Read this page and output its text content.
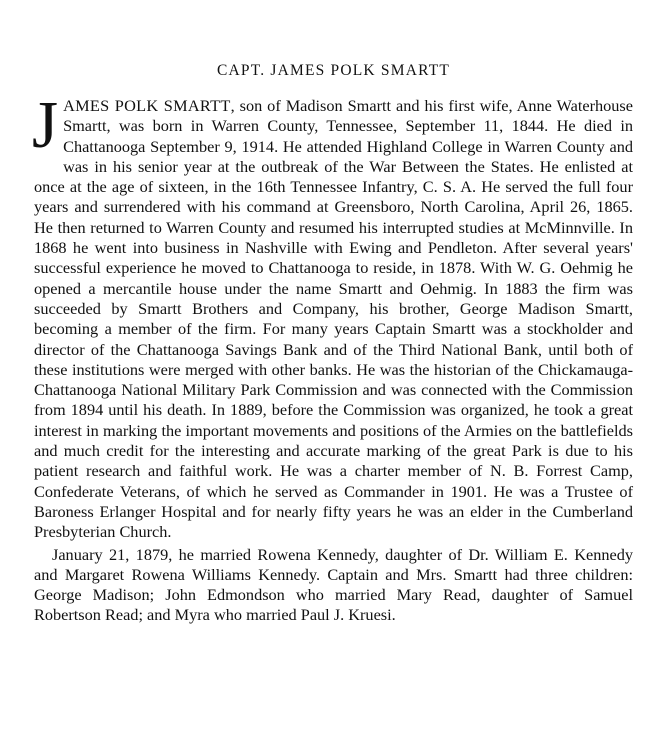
CAPT. JAMES POLK SMARTT

JAMES POLK SMARTT, son of Madison Smartt and his first wife, Anne Waterhouse Smartt, was born in Warren County, Tennessee, September 11, 1844. He died in Chattanooga September 9, 1914. He attended Highland College in Warren County and was in his senior year at the outbreak of the War Between the States. He enlisted at once at the age of sixteen, in the 16th Tennessee Infantry, C. S. A. He served the full four years and surrendered with his command at Greensboro, North Carolina, April 26, 1865. He then returned to Warren County and resumed his interrupted studies at McMinnville. In 1868 he went into business in Nashville with Ewing and Pendleton. After several years' successful experience he moved to Chattanooga to reside, in 1878. With W. G. Oehmig he opened a mercantile house under the name Smartt and Oehmig. In 1883 the firm was succeeded by Smartt Brothers and Company, his brother, George Madison Smartt, becoming a member of the firm. For many years Captain Smartt was a stockholder and director of the Chattanooga Savings Bank and of the Third National Bank, until both of these institutions were merged with other banks. He was the historian of the Chickamauga-Chattanooga National Military Park Commission and was connected with the Commission from 1894 until his death. In 1889, before the Commission was organized, he took a great interest in marking the important movements and positions of the Armies on the battlefields and much credit for the interesting and accurate marking of the great Park is due to his patient research and faithful work. He was a charter member of N. B. Forrest Camp, Confederate Veterans, of which he served as Commander in 1901. He was a Trustee of Baroness Erlanger Hospital and for nearly fifty years he was an elder in the Cumberland Presbyterian Church.

January 21, 1879, he married Rowena Kennedy, daughter of Dr. William E. Kennedy and Margaret Rowena Williams Kennedy. Captain and Mrs. Smartt had three children: George Madison; John Edmondson who married Mary Read, daughter of Samuel Robertson Read; and Myra who married Paul J. Kruesi.
